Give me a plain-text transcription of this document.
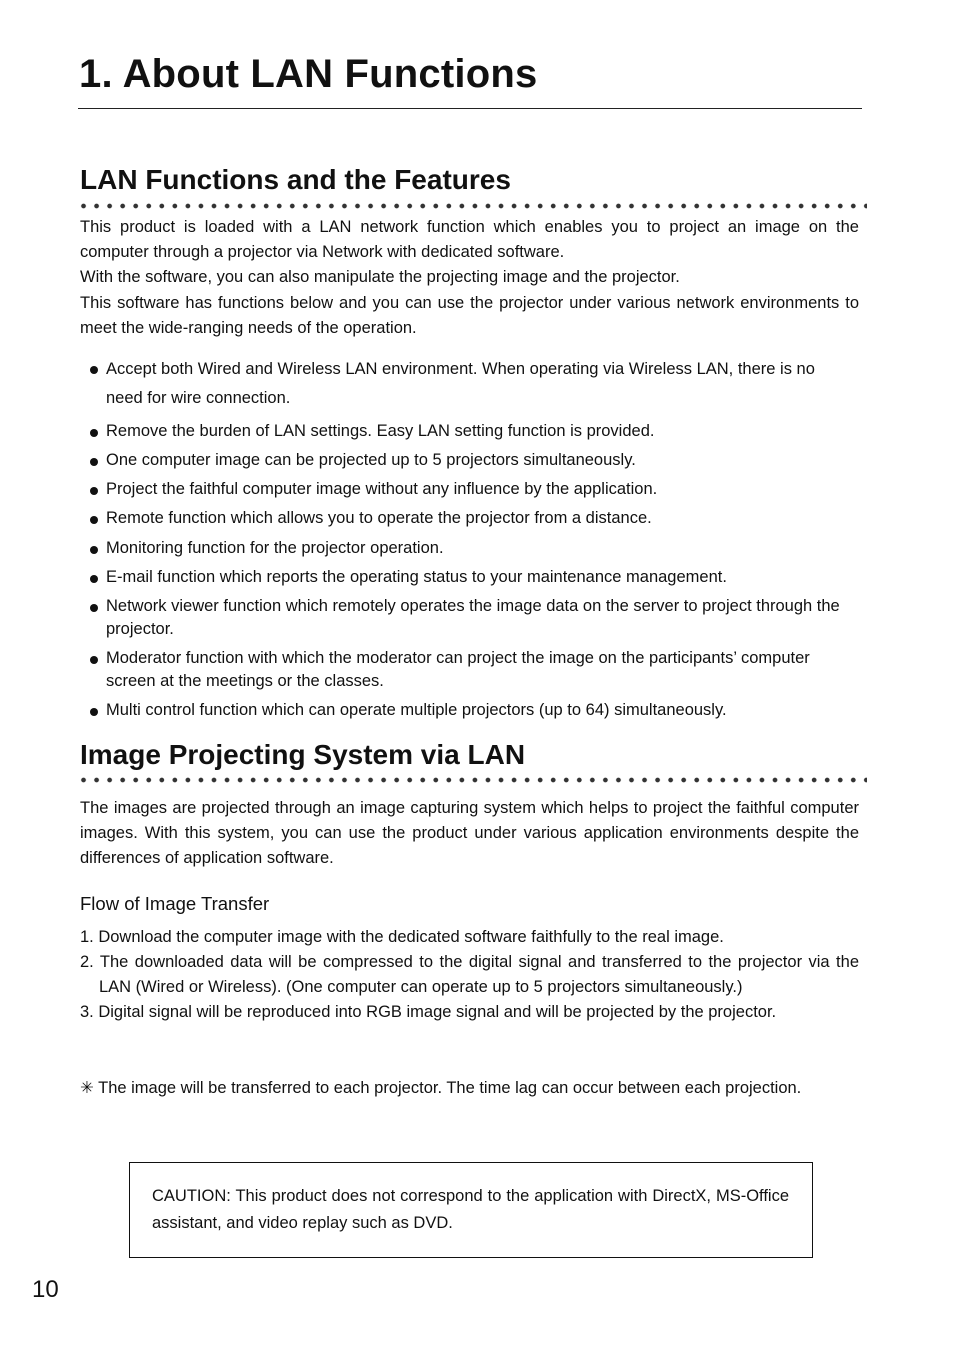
1. About LAN Functions
LAN Functions and the Features

This product is loaded with a LAN network function which enables you to project an image on the computer through a projector via Network with dedicated software.

With the software, you can also manipulate the projecting image and the projector.

This software has functions below and you can use the projector under various network environments to meet the wide-ranging needs of the operation.

Accept both Wired and Wireless LAN environment. When operating via Wireless LAN, there is no need for wire connection.
Remove the burden of LAN settings. Easy LAN setting function is provided.
One computer image can be projected up to 5 projectors simultaneously.
Project the faithful computer image without any influence by the application.
Remote function which allows you to operate the projector from a distance.
Monitoring function for the projector operation.
E-mail function which reports the operating status to your maintenance management.
Network viewer function which remotely operates the image data on the server to project through the projector.
Moderator function with which the moderator can project the image on the participants’ computer screen at the meetings or the classes.
Multi control function which can operate multiple projectors (up to 64) simultaneously.
Image Projecting System via LAN

The images are projected through an image capturing system which helps to project the faithful computer images. With this system, you can use the product under various application environments despite the differences of application software.

Flow of Image Transfer
1. Download the computer image with the dedicated software faithfully to the real image.
2. The downloaded data will be compressed to the digital signal and transferred to the projector via the LAN (Wired or Wireless). (One computer can operate up to 5 projectors simultaneously.)
3. Digital signal will be reproduced into RGB image signal and will be projected by the projector.
✳ The image will be transferred to each projector. The time lag can occur between each projection.

CAUTION: This product does not correspond to the application with DirectX, MS-Office assistant, and video replay such as DVD.

10
